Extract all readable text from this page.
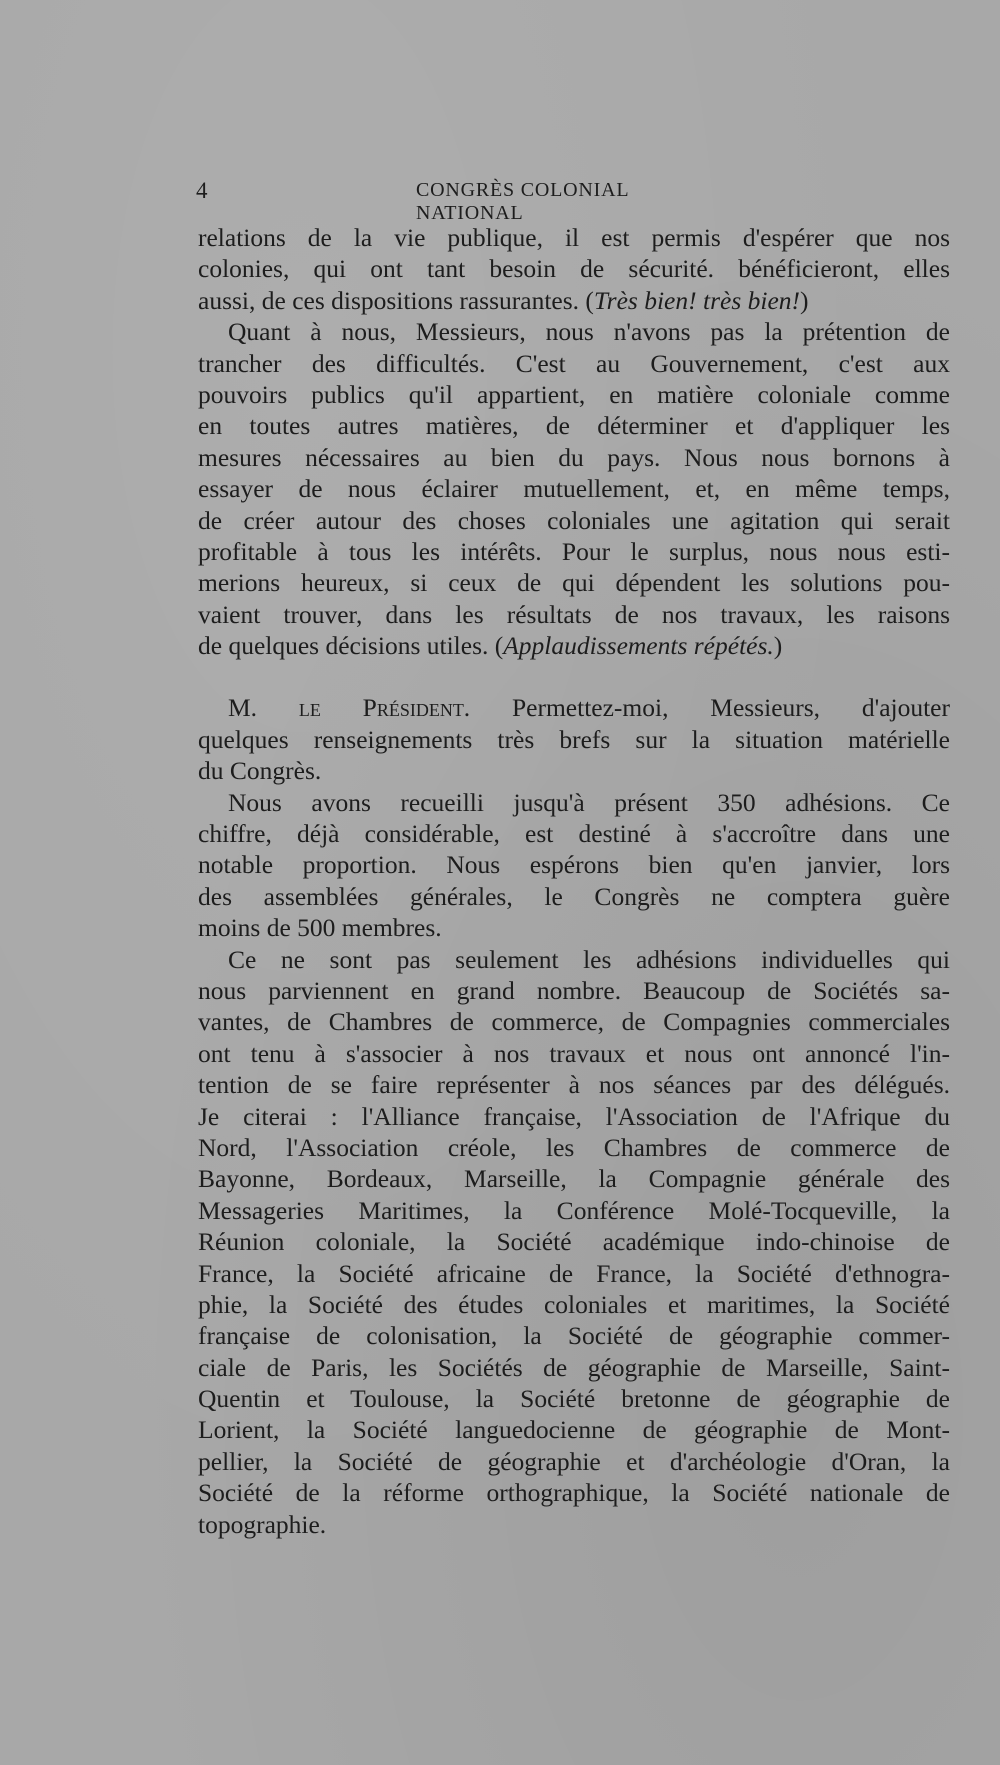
4	CONGRÈS COLONIAL NATIONAL
relations de la vie publique, il est permis d'espérer que nos
colonies, qui ont tant besoin de sécurité. bénéficieront, elles
aussi, de ces dispositions rassurantes. (Très bien! très bien!)
Quant à nous, Messieurs, nous n'avons pas la prétention de
trancher des difficultés. C'est au Gouvernement, c'est aux
pouvoirs publics qu'il appartient, en matière coloniale comme
en toutes autres matières, de déterminer et d'appliquer les
mesures nécessaires au bien du pays. Nous nous bornons à
essayer de nous éclairer mutuellement, et, en même temps,
de créer autour des choses coloniales une agitation qui serait
profitable à tous les intérêts. Pour le surplus, nous nous esti-
merions heureux, si ceux de qui dépendent les solutions pou-
vaient trouver, dans les résultats de nos travaux, les raisons
de quelques décisions utiles. (Applaudissements répétés.)
M. le Président. Permettez-moi, Messieurs, d'ajouter
quelques renseignements très brefs sur la situation matérielle
du Congrès.
Nous avons recueilli jusqu'à présent 350 adhésions. Ce
chiffre, déjà considérable, est destiné à s'accroître dans une
notable proportion. Nous espérons bien qu'en janvier, lors
des assemblées générales, le Congrès ne comptera guère
moins de 500 membres.
Ce ne sont pas seulement les adhésions individuelles qui
nous parviennent en grand nombre. Beaucoup de Sociétés sa-
vantes, de Chambres de commerce, de Compagnies commerciales
ont tenu à s'associer à nos travaux et nous ont annoncé l'in-
tention de se faire représenter à nos séances par des délégués.
Je citerai : l'Alliance française, l'Association de l'Afrique du
Nord, l'Association créole, les Chambres de commerce de
Bayonne, Bordeaux, Marseille, la Compagnie générale des
Messageries Maritimes, la Conférence Molé-Tocqueville, la
Réunion coloniale, la Société académique indo-chinoise de
France, la Société africaine de France, la Société d'ethnogra-
phie, la Société des études coloniales et maritimes, la Société
française de colonisation, la Société de géographie commer-
ciale de Paris, les Sociétés de géographie de Marseille, Saint-
Quentin et Toulouse, la Société bretonne de géographie de
Lorient, la Société languedocienne de géographie de Mont-
pellier, la Société de géographie et d'archéologie d'Oran, la
Société de la réforme orthographique, la Société nationale de
topographie.
